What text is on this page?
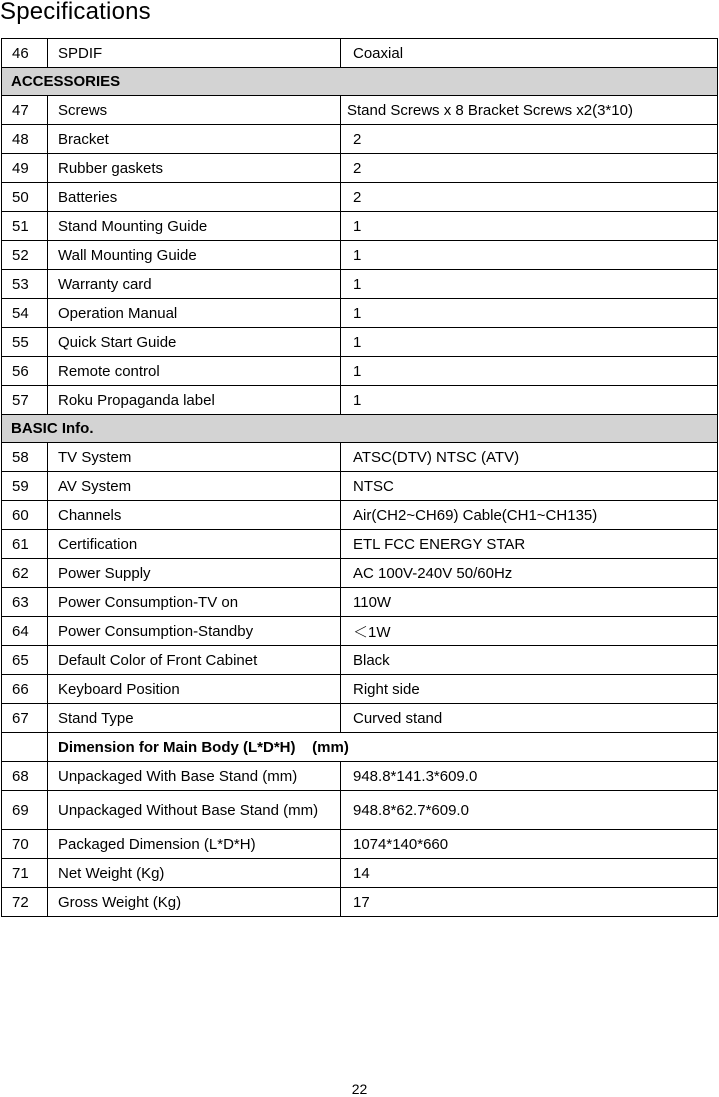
Specifications
46	SPDIF	Coaxial
ACCESSORIES		
47	Screws	Stand Screws x 8 Bracket Screws x2(3*10)
48	Bracket	2
49	Rubber gaskets	2
50	Batteries	2
51	Stand Mounting Guide	1
52	Wall Mounting Guide	1
53	Warranty card	1
54	Operation Manual	1
55	Quick Start Guide	1
56	Remote control	1
57	Roku Propaganda label	1
BASIC Info.		
58	TV System	ATSC(DTV) NTSC (ATV)
59	AV System	NTSC
60	Channels	Air(CH2~CH69) Cable(CH1~CH135)
61	Certification	ETL FCC ENERGY STAR
62	Power Supply	AC 100V-240V 50/60Hz
63	Power Consumption-TV on	110W
64	Power Consumption-Standby	＜1W
65	Default Color of Front Cabinet	Black
66	Keyboard Position	Right side
67	Stand Type	Curved stand
	Dimension for Main Body (L*D*H)    (mm)	
68	Unpackaged With Base Stand (mm)	948.8*141.3*609.0
69	Unpackaged Without Base Stand (mm)	948.8*62.7*609.0
70	Packaged Dimension (L*D*H)	1074*140*660
71	Net Weight (Kg)	14
72	Gross Weight (Kg)	17
22
